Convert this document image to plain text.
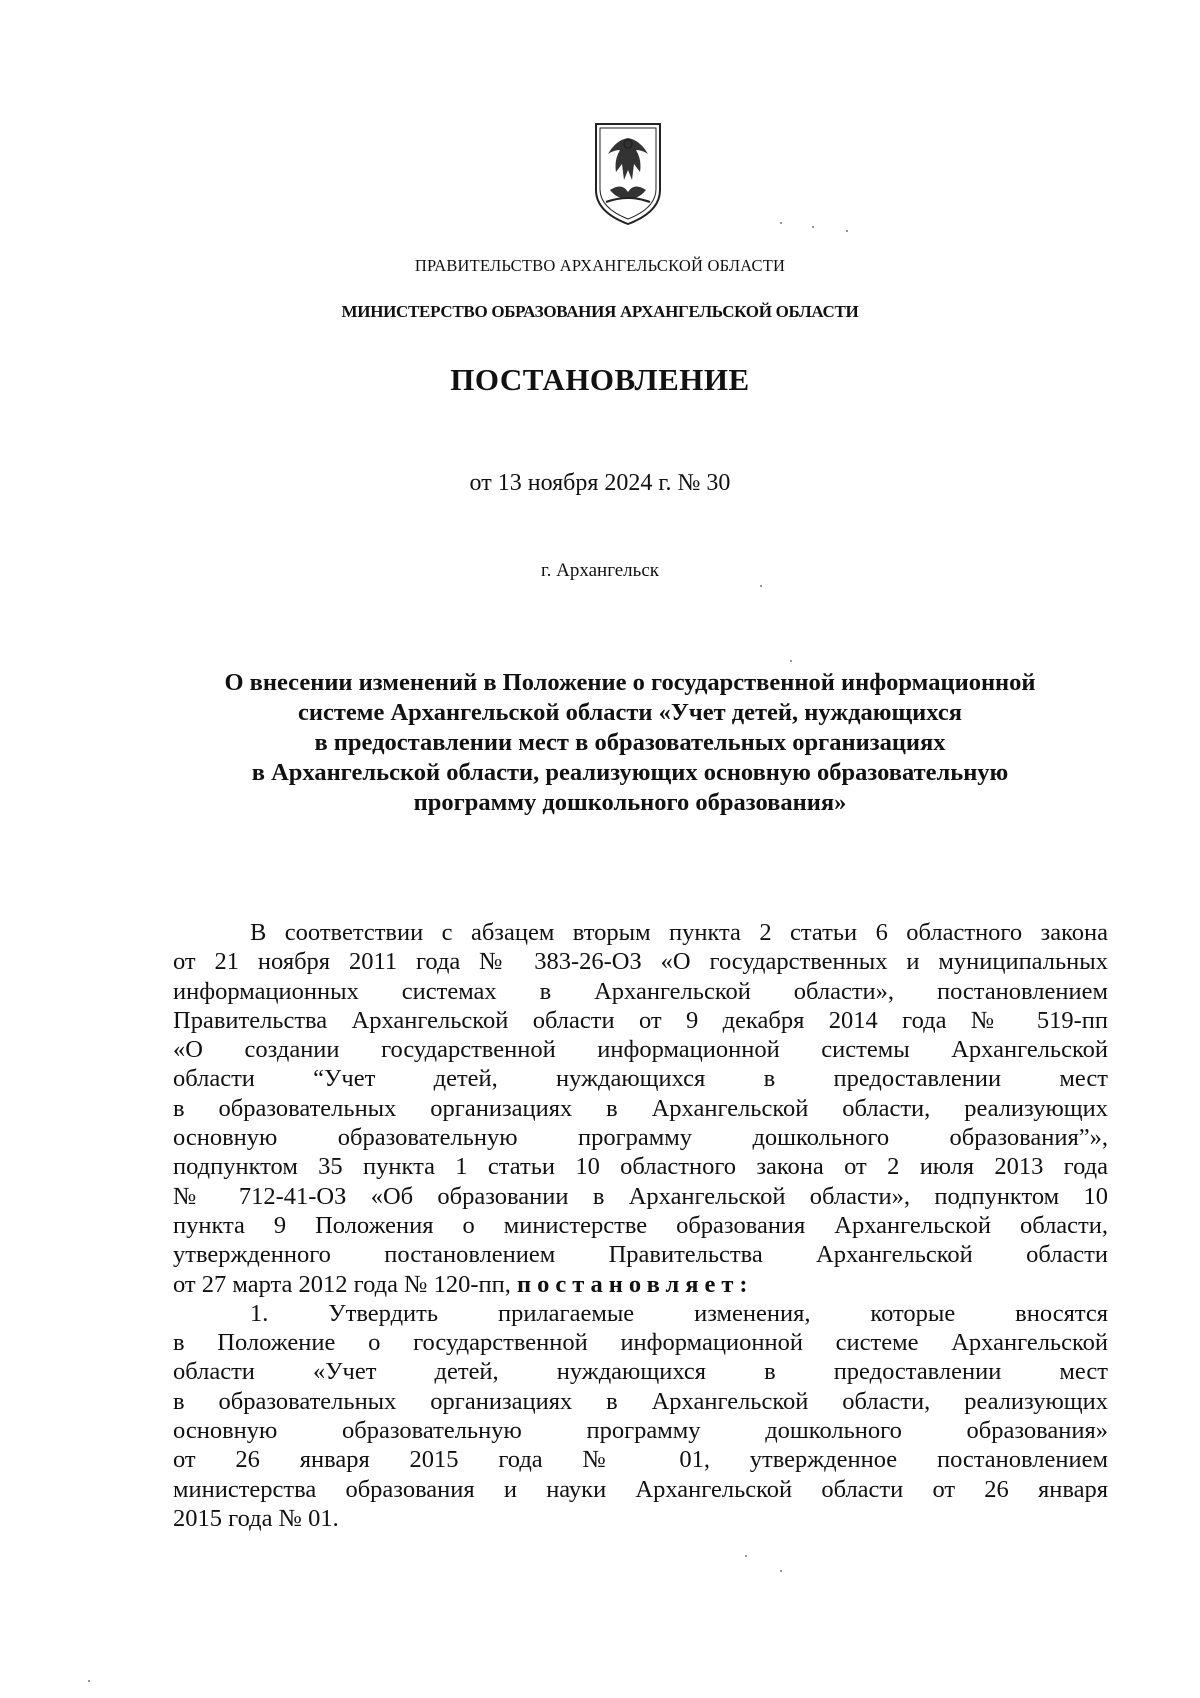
ПРАВИТЕЛЬСТВО АРХАНГЕЛЬСКОЙ ОБЛАСТИ
МИНИСТЕРСТВО ОБРАЗОВАНИЯ АРХАНГЕЛЬСКОЙ ОБЛАСТИ
ПОСТАНОВЛЕНИЕ
от 13 ноября 2024 г. № 30
г. Архангельск
О внесении изменений в Положение о государственной информационной
системе Архангельской области «Учет детей, нуждающихся
в предоставлении мест в образовательных организациях
в Архангельской области, реализующих основную образовательную
программу дошкольного образования»
В соответствии с абзацем вторым пункта 2 статьи 6 областного закона
от 21 ноября 2011 года № 383-26-ОЗ «О государственных и муниципальных
информационных системах в Архангельской области», постановлением
Правительства Архангельской области от 9 декабря 2014 года № 519-пп
«О создании государственной информационной системы Архангельской
области “Учет детей, нуждающихся в предоставлении мест
в образовательных организациях в Архангельской области, реализующих
основную образовательную программу дошкольного образования”»,
подпунктом 35 пункта 1 статьи 10 областного закона от 2 июля 2013 года
№ 712-41-ОЗ «Об образовании в Архангельской области», подпунктом 10
пункта 9 Положения о министерстве образования Архангельской области,
утвержденного постановлением Правительства Архангельской области
от 27 марта 2012 года № 120-пп, постановляет:
1. Утвердить прилагаемые изменения, которые вносятся
в Положение о государственной информационной системе Архангельской
области «Учет детей, нуждающихся в предоставлении мест
в образовательных организациях в Архангельской области, реализующих
основную образовательную программу дошкольного образования»
от 26 января 2015 года № 01, утвержденное постановлением
министерства образования и науки Архангельской области от 26 января
2015 года № 01.
